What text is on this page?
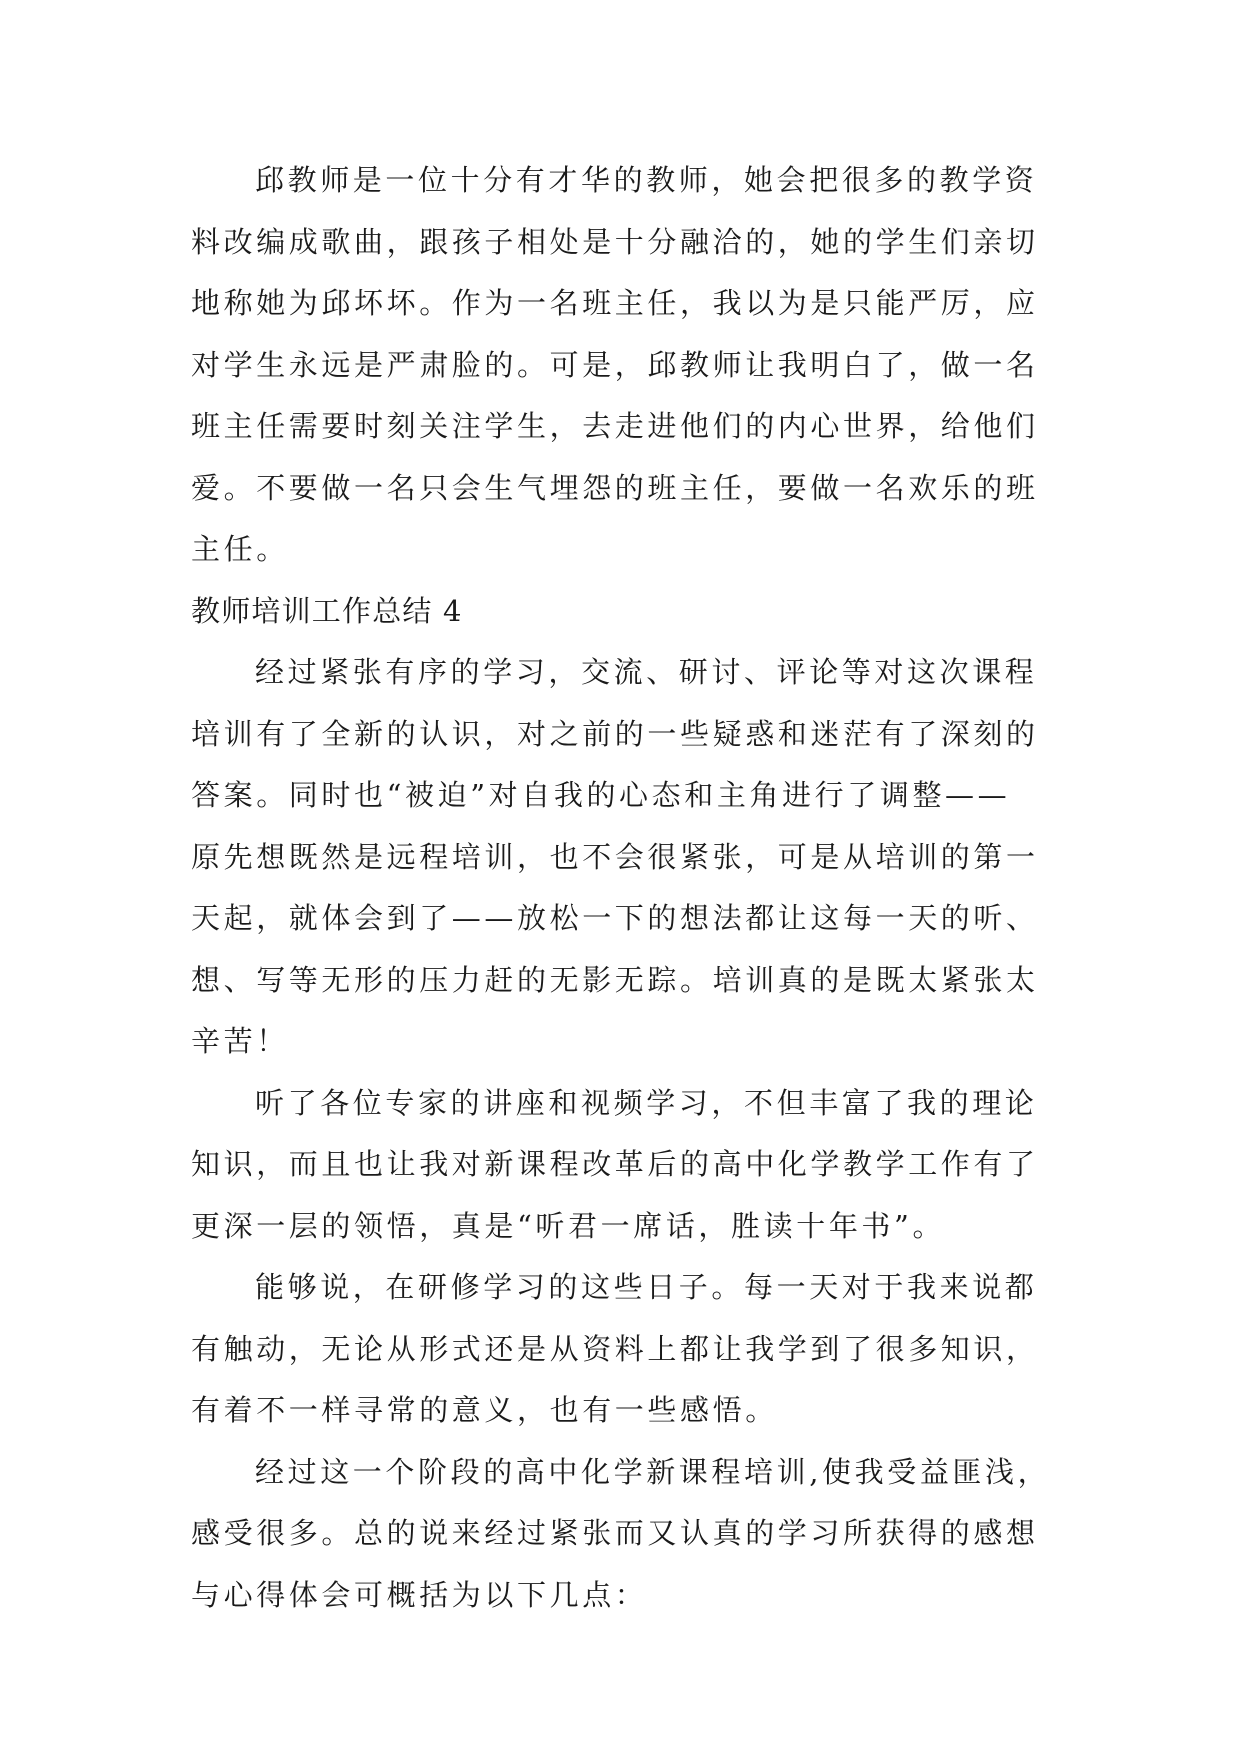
邱教师是一位十分有才华的教师，她会把很多的教学资
料改编成歌曲，跟孩子相处是十分融洽的，她的学生们亲切
地称她为邱坏坏。作为一名班主任，我以为是只能严厉，应
对学生永远是严肃脸的。可是，邱教师让我明白了，做一名
班主任需要时刻关注学生，去走进他们的内心世界，给他们
爱。不要做一名只会生气埋怨的班主任，要做一名欢乐的班
主任。
教师培训工作总结 4
经过紧张有序的学习，交流、研讨、评论等对这次课程
培训有了全新的认识，对之前的一些疑惑和迷茫有了深刻的
答案。同时也“被迫”对自我的心态和主角进行了调整——
原先想既然是远程培训，也不会很紧张，可是从培训的第一
天起，就体会到了——放松一下的想法都让这每一天的听、
想、写等无形的压力赶的无影无踪。培训真的是既太紧张太
辛苦！
听了各位专家的讲座和视频学习，不但丰富了我的理论
知识，而且也让我对新课程改革后的高中化学教学工作有了
更深一层的领悟，真是“听君一席话，胜读十年书”。
能够说，在研修学习的这些日子。每一天对于我来说都
有触动，无论从形式还是从资料上都让我学到了很多知识，
有着不一样寻常的意义，也有一些感悟。
经过这一个阶段的高中化学新课程培训,使我受益匪浅，
感受很多。总的说来经过紧张而又认真的学习所获得的感想
与心得体会可概括为以下几点：
